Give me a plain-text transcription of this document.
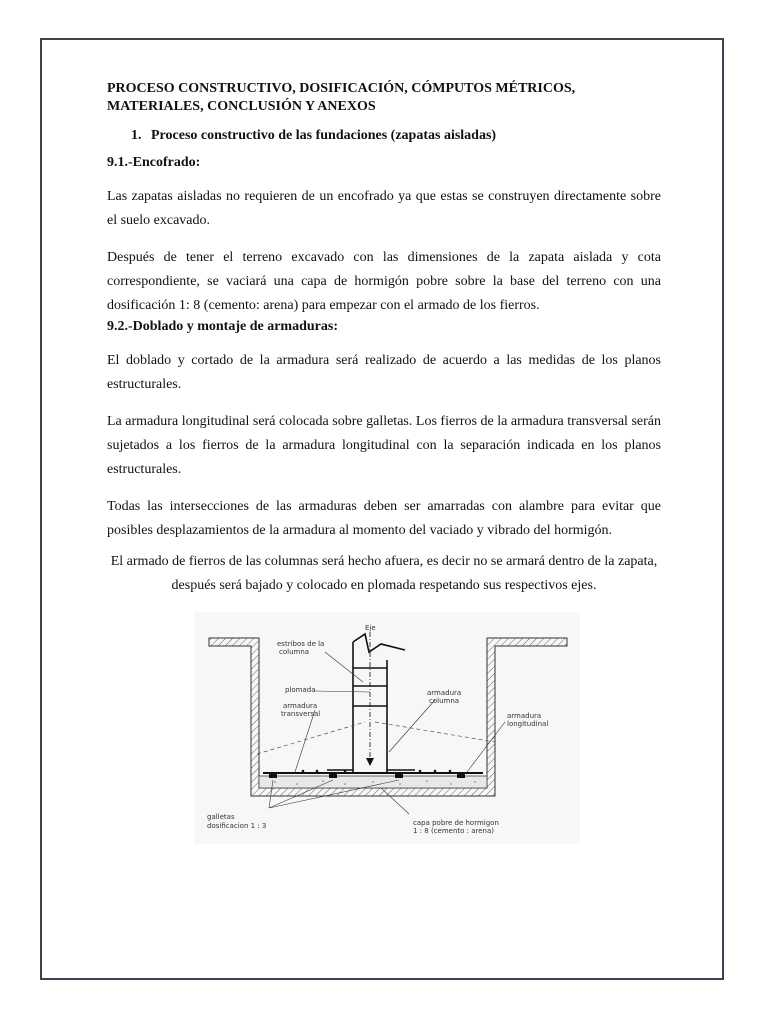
PROCESO CONSTRUCTIVO, DOSIFICACIÓN, CÓMPUTOS MÉTRICOS, MATERIALES, CONCLUSIÓN Y ANEXOS

1. Proceso constructivo de las fundaciones (zapatas aisladas)

9.1.-Encofrado:

Las zapatas aisladas no requieren de un encofrado ya que estas se construyen directamente sobre el suelo excavado.

Después de tener el terreno excavado con las dimensiones de la zapata aislada y cota correspondiente, se vaciará una capa de hormigón pobre sobre la base del terreno con una dosificación 1: 8 (cemento: arena) para empezar con el armado de los fierros.

9.2.-Doblado y montaje de armaduras:

El doblado y cortado de la armadura será realizado de acuerdo a las medidas de los planos estructurales.

La armadura longitudinal será colocada sobre galletas. Los fierros de la armadura transversal serán sujetados a los fierros de la armadura longitudinal con la separación indicada en los planos estructurales.

Todas las intersecciones de las armaduras deben ser amarradas con alambre para evitar que posibles desplazamientos de la armadura al momento del vaciado y vibrado del hormigón.

El armado de fierros de las columnas será hecho afuera, es decir no se armará dentro de la zapata, después será bajado y colocado en plomada respetando sus respectivos ejes.

Eje
estribos de la
columna
plomada
armadura
transversal
armadura
columna
armadura
longitudinal
galletas
dosificacion 1 : 3	capa pobre de hormigon
1 : 8 (cemento : arena)
